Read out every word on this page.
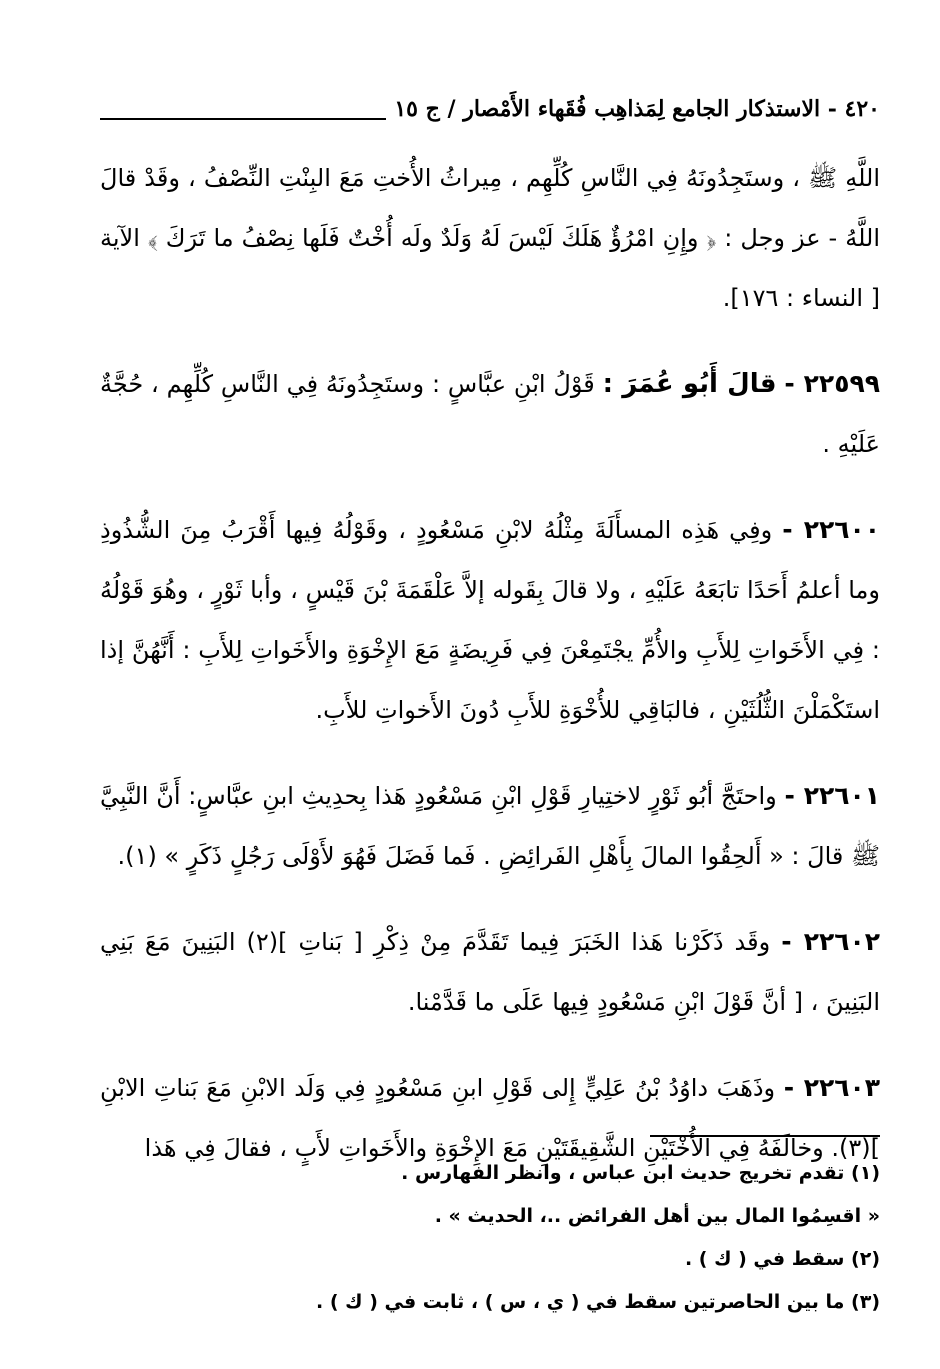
٤٢٠ - الاستذكار الجامع لِمَذاهِب فُقَهاء الأَمْصار / ج ١٥

اللَّهِ ﷺ ، وستَجِدُونَهُ فِي النَّاسِ كُلِّهِم ، مِيراثُ الأُختِ مَعَ البِنْتِ النِّصْفُ ، وقَدْ قالَ اللَّهُ - عز وجل : ﴿ وإِنِ امْرُؤٌ هَلَكَ لَيْسَ لَهُ وَلَدٌ ولَه أُخْتٌ فَلَها نِصْفُ ما تَرَكَ ﴾ الآية [ النساء : ١٧٦].

٢٢٥٩٩ - قالَ أَبُو عُمَرَ : قَوْلُ ابْنِ عبَّاسٍ : وستَجِدُونَهُ فِي النَّاسِ كُلِّهِم ، حُجَّةٌ عَلَيْهِ .

٢٢٦٠٠ - وفِي هَذِه المسأَلَةَ مِثْلُهُ لابْنِ مَسْعُودٍ ، وقَوْلُهُ فِيها أَقْرَبُ مِنَ الشُّذُوذِ وما أعلمُ أَحَدًا تابَعَهُ عَلَيْهِ ، ولا قالَ بِقَوله إلاَّ عَلْقَمَةَ بْنَ قَيْسٍ ، وأبا ثَوْرٍ ، وهُوَ قَوْلُهُ : فِي الأَخَواتِ لِلأَبِ والأُمِّ يجْتَمِعْنَ فِي فَرِيضَةٍ مَعَ الإِخْوَةِ والأَخَواتِ لِلأَبِ : أَنَّهُنَّ إذا استَكْمَلْنَ الثُّلُثَيْنِ ، فالبَاقِي للأُخْوَةِ للأَبِ دُونَ الأَخواتِ للأَبِ.

٢٢٦٠١ - واحتَجَّ أبُو ثَوْرٍ لاختِيارِ قَوْلِ ابْنِ مَسْعُودٍ هَذا بِحدِيثِ ابنِ عبَّاسٍ: أَنَّ النَّبِيَّ ﷺ قالَ : « أَلحِقُوا المالَ بِأَهْلِ الفَرائِضِ . فَما فَضَلَ فَهُوَ لأَوْلَى رَجُلٍ ذَكَرٍ » (١).

٢٢٦٠٢ - وقَد ذَكَرْنا هَذا الخَبَرَ فِيما تَقَدَّمَ مِنْ ذِكْرِ [ بَناتِ ](٢) البَنِينَ مَعَ بَنِي البَنِينَ ، [ أنَّ قَوْلَ ابْنِ مَسْعُودٍ فِيها عَلَى ما قَدَّمْنا.

٢٢٦٠٣ - وذَهَبَ داوُدُ بْنُ عَلِيٍّ إِلى قَوْلِ ابنِ مَسْعُودٍ فِي وَلَد الابْنِ مَعَ بَناتِ الابْنِ ](٣). وخالَفَهُ فِي الأُخْتَيْنِ الشَّقِيقَتَيْنِ مَعَ الإِخْوَةِ والأَخَواتِ لأَبٍ ، فقالَ فِي هَذا

(١) تقدم تخريج حديث ابن عباس ، وانظر الفهارس .

« اقسِمُوا المال بين أهل الفرائض ..، الحديث » .

(٢) سقط في ( ك ) .

(٣) ما بين الحاصرتين سقط في ( ي ، س ) ، ثابت في ( ك ) .
